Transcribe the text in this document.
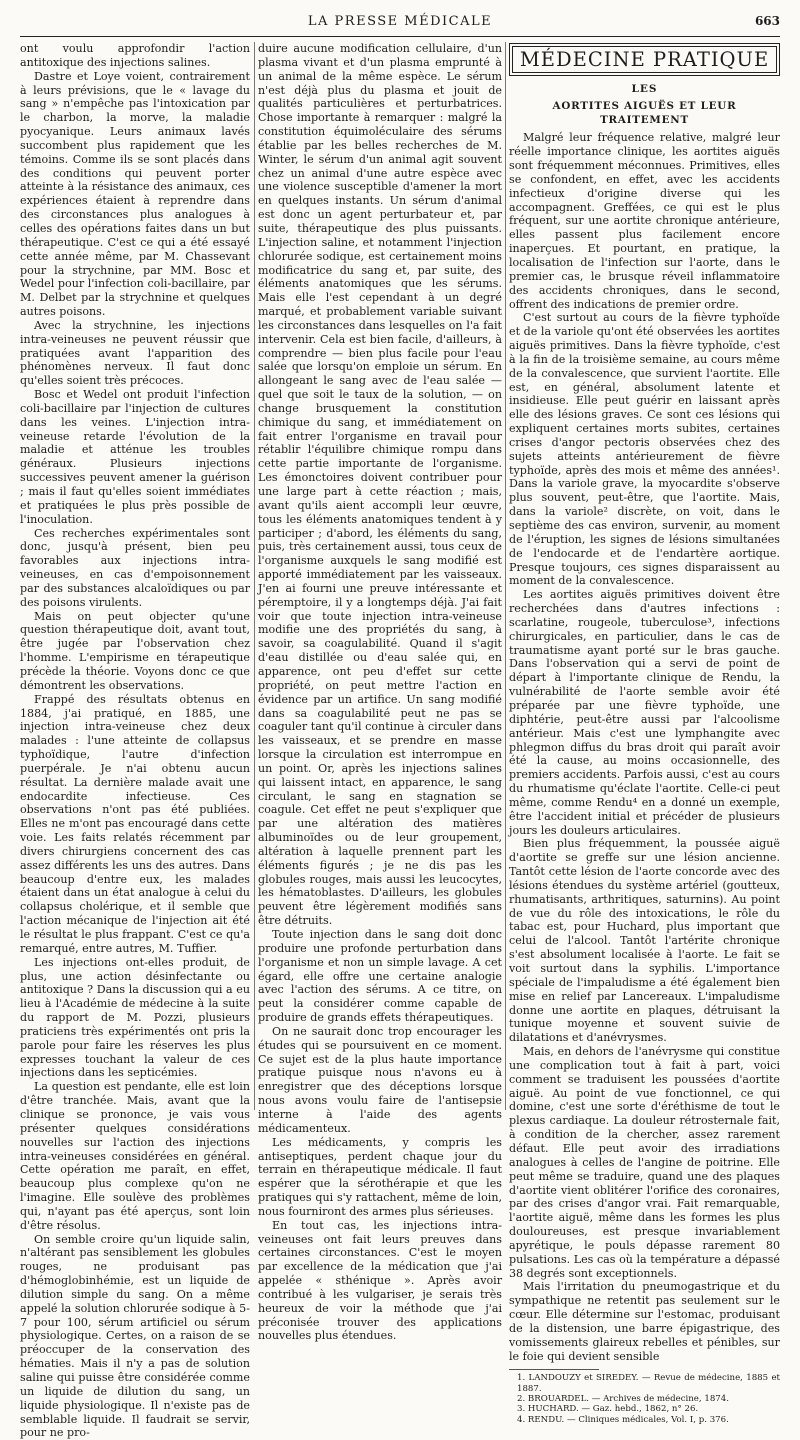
LA PRESSE MÉDICALE	663

ont voulu approfondir l'action antitoxique des injections salines.

Dastre et Loye voient, contrairement à leurs prévisions, que le « lavage du sang » n'empêche pas l'intoxication par le charbon, la morve, la maladie pyocyanique. Leurs animaux lavés succombent plus rapidement que les témoins. Comme ils se sont placés dans des conditions qui peuvent porter atteinte à la résistance des animaux, ces expériences étaient à reprendre dans des circonstances plus analogues à celles des opérations faites dans un but thérapeutique. C'est ce qui a été essayé cette année même, par M. Chassevant pour la strychnine, par MM. Bosc et Wedel pour l'infection coli-bacillaire, par M. Delbet par la strychnine et quelques autres poisons.

Avec la strychnine, les injections intra-veineuses ne peuvent réussir que pratiquées avant l'apparition des phénomènes nerveux. Il faut donc qu'elles soient très précoces.

Bosc et Wedel ont produit l'infection coli-bacillaire par l'injection de cultures dans les veines. L'injection intra-veineuse retarde l'évolution de la maladie et atténue les troubles généraux. Plusieurs injections successives peuvent amener la guérison ; mais il faut qu'elles soient immédiates et pratiquées le plus près possible de l'inoculation.

Ces recherches expérimentales sont donc, jusqu'à présent, bien peu favorables aux injections intra-veineuses, en cas d'empoisonnement par des substances alcaloïdiques ou par des poisons virulents.

Mais on peut objecter qu'une question thérapeutique doit, avant tout, être jugée par l'observation chez l'homme. L'empirisme en térapeutique précède la théorie. Voyons donc ce que démontrent les observations.

Frappé des résultats obtenus en 1884, j'ai pratiqué, en 1885, une injection intra-veineuse chez deux malades : l'une atteinte de collapsus typhoïdique, l'autre d'infection puerpérale. Je n'ai obtenu aucun résultat. La dernière malade avait une endocardite infectieuse. Ces observations n'ont pas été publiées. Elles ne m'ont pas encouragé dans cette voie. Les faits relatés récemment par divers chirurgiens concernent des cas assez différents les uns des autres. Dans beaucoup d'entre eux, les malades étaient dans un état analogue à celui du collapsus cholérique, et il semble que l'action mécanique de l'injection ait été le résultat le plus frappant. C'est ce qu'a remarqué, entre autres, M. Tuffier.

Les injections ont-elles produit, de plus, une action désinfectante ou antitoxique ? Dans la discussion qui a eu lieu à l'Académie de médecine à la suite du rapport de M. Pozzi, plusieurs praticiens très expérimentés ont pris la parole pour faire les réserves les plus expresses touchant la valeur de ces injections dans les septicémies.

La question est pendante, elle est loin d'être tranchée. Mais, avant que la clinique se prononce, je vais vous présenter quelques considérations nouvelles sur l'action des injections intra-veineuses considérées en général. Cette opération me paraît, en effet, beaucoup plus complexe qu'on ne l'imagine. Elle soulève des problèmes qui, n'ayant pas été aperçus, sont loin d'être résolus.

On semble croire qu'un liquide salin, n'altérant pas sensiblement les globules rouges, ne produisant pas d'hémoglobinhémie, est un liquide de dilution simple du sang. On a même appelé la solution chlorurée sodique à 5-7 pour 100, sérum artificiel ou sérum physiologique. Certes, on a raison de se préoccuper de la conservation des hématies. Mais il n'y a pas de solution saline qui puisse être considérée comme un liquide de dilution du sang, un liquide physiologique. Il n'existe pas de semblable liquide. Il faudrait se servir, pour ne pro-

duire aucune modification cellulaire, d'un plasma vivant et d'un plasma emprunté à un animal de la même espèce. Le sérum n'est déjà plus du plasma et jouit de qualités particulières et perturbatrices. Chose importante à remarquer : malgré la constitution équimoléculaire des sérums établie par les belles recherches de M. Winter, le sérum d'un animal agit souvent chez un animal d'une autre espèce avec une violence susceptible d'amener la mort en quelques instants. Un sérum d'animal est donc un agent perturbateur et, par suite, thérapeutique des plus puissants. L'injection saline, et notamment l'injection chlorurée sodique, est certainement moins modificatrice du sang et, par suite, des éléments anatomiques que les sérums. Mais elle l'est cependant à un degré marqué, et probablement variable suivant les circonstances dans lesquelles on l'a fait intervenir. Cela est bien facile, d'ailleurs, à comprendre — bien plus facile pour l'eau salée que lorsqu'on emploie un sérum. En allongeant le sang avec de l'eau salée — quel que soit le taux de la solution, — on change brusquement la constitution chimique du sang, et immédiatement on fait entrer l'organisme en travail pour rétablir l'équilibre chimique rompu dans cette partie importante de l'organisme. Les émonctoires doivent contribuer pour une large part à cette réaction ; mais, avant qu'ils aient accompli leur œuvre, tous les éléments anatomiques tendent à y participer ; d'abord, les éléments du sang, puis, très certainement aussi, tous ceux de l'organisme auxquels le sang modifié est apporté immédiatement par les vaisseaux. J'en ai fourni une preuve intéressante et péremptoire, il y a longtemps déjà. J'ai fait voir que toute injection intra-veineuse modifie une des propriétés du sang, à savoir, sa coagulabilité. Quand il s'agit d'eau distillée ou d'eau salée qui, en apparence, ont peu d'effet sur cette propriété, on peut mettre l'action en évidence par un artifice. Un sang modifié dans sa coagulabilité peut ne pas se coaguler tant qu'il continue à circuler dans les vaisseaux, et se prendre en masse lorsque la circulation est interrompue en un point. Or, après les injections salines qui laissent intact, en apparence, le sang circulant, le sang en stagnation se coagule. Cet effet ne peut s'expliquer que par une altération des matières albuminoïdes ou de leur groupement, altération à laquelle prennent part les éléments figurés ; je ne dis pas les globules rouges, mais aussi les leucocytes, les hématoblastes. D'ailleurs, les globules peuvent être légèrement modifiés sans être détruits.

Toute injection dans le sang doit donc produire une profonde perturbation dans l'organisme et non un simple lavage. A cet égard, elle offre une certaine analogie avec l'action des sérums. A ce titre, on peut la considérer comme capable de produire de grands effets thérapeutiques.

On ne saurait donc trop encourager les études qui se poursuivent en ce moment. Ce sujet est de la plus haute importance pratique puisque nous n'avons eu à enregistrer que des déceptions lorsque nous avons voulu faire de l'antisepsie interne à l'aide des agents médicamenteux.

Les médicaments, y compris les antiseptiques, perdent chaque jour du terrain en thérapeutique médicale. Il faut espérer que la sérothérapie et que les pratiques qui s'y rattachent, même de loin, nous fourniront des armes plus sérieuses.

En tout cas, les injections intra-veineuses ont fait leurs preuves dans certaines circonstances. C'est le moyen par excellence de la médication que j'ai appelée « sthénique ». Après avoir contribué à les vulgariser, je serais très heureux de voir la méthode que j'ai préconisée trouver des applications nouvelles plus étendues.

MÉDECINE PRATIQUE
LES
AORTITES AIGUËS ET LEUR TRAITEMENT

Malgré leur fréquence relative, malgré leur réelle importance clinique, les aortites aiguës sont fréquemment méconnues. Primitives, elles se confondent, en effet, avec les accidents infectieux d'origine diverse qui les accompagnent. Greffées, ce qui est le plus fréquent, sur une aortite chronique antérieure, elles passent plus facilement encore inaperçues. Et pourtant, en pratique, la localisation de l'infection sur l'aorte, dans le premier cas, le brusque réveil inflammatoire des accidents chroniques, dans le second, offrent des indications de premier ordre.

C'est surtout au cours de la fièvre typhoïde et de la variole qu'ont été observées les aortites aiguës primitives. Dans la fièvre typhoïde, c'est à la fin de la troisième semaine, au cours même de la convalescence, que survient l'aortite. Elle est, en général, absolument latente et insidieuse. Elle peut guérir en laissant après elle des lésions graves. Ce sont ces lésions qui expliquent certaines morts subites, certaines crises d'angor pectoris observées chez des sujets atteints antérieurement de fièvre typhoïde, après des mois et même des années¹. Dans la variole grave, la myocardite s'observe plus souvent, peut-être, que l'aortite. Mais, dans la variole² discrète, on voit, dans le septième des cas environ, survenir, au moment de l'éruption, les signes de lésions simultanées de l'endocarde et de l'endartère aortique. Presque toujours, ces signes disparaissent au moment de la convalescence.

Les aortites aiguës primitives doivent être recherchées dans d'autres infections : scarlatine, rougeole, tuberculose³, infections chirurgicales, en particulier, dans le cas de traumatisme ayant porté sur le bras gauche. Dans l'observation qui a servi de point de départ à l'importante clinique de Rendu, la vulnérabilité de l'aorte semble avoir été préparée par une fièvre typhoïde, une diphtérie, peut-être aussi par l'alcoolisme antérieur. Mais c'est une lymphangite avec phlegmon diffus du bras droit qui paraît avoir été la cause, au moins occasionnelle, des premiers accidents. Parfois aussi, c'est au cours du rhumatisme qu'éclate l'aortite. Celle-ci peut même, comme Rendu⁴ en a donné un exemple, être l'accident initial et précéder de plusieurs jours les douleurs articulaires.

Bien plus fréquemment, la poussée aiguë d'aortite se greffe sur une lésion ancienne. Tantôt cette lésion de l'aorte concorde avec des lésions étendues du système artériel (goutteux, rhumatisants, arthritiques, saturnins). Au point de vue du rôle des intoxications, le rôle du tabac est, pour Huchard, plus important que celui de l'alcool. Tantôt l'artérite chronique s'est absolument localisée à l'aorte. Le fait se voit surtout dans la syphilis. L'importance spéciale de l'impaludisme a été également bien mise en relief par Lancereaux. L'impaludisme donne une aortite en plaques, détruisant la tunique moyenne et souvent suivie de dilatations et d'anévrysmes.

Mais, en dehors de l'anévrysme qui constitue une complication tout à fait à part, voici comment se traduisent les poussées d'aortite aiguë. Au point de vue fonctionnel, ce qui domine, c'est une sorte d'éréthisme de tout le plexus cardiaque. La douleur rétrosternale fait, à condition de la chercher, assez rarement défaut. Elle peut avoir des irradiations analogues à celles de l'angine de poitrine. Elle peut même se traduire, quand une des plaques d'aortite vient oblitérer l'orifice des coronaires, par des crises d'angor vrai. Fait remarquable, l'aortite aiguë, même dans les formes les plus douloureuses, est presque invariablement apyrétique, le pouls dépasse rarement 80 pulsations. Les cas où la température a dépassé 38 degrés sont exceptionnels.

Mais l'irritation du pneumogastrique et du sympathique ne retentit pas seulement sur le cœur. Elle détermine sur l'estomac, produisant de la distension, une barre épigastrique, des vomissements glaireux rebelles et pénibles, sur le foie qui devient sensible

1. LANDOUZY et SIREDEY. — Revue de médecine, 1885 et 1887.
2. BROUARDEL. — Archives de médecine, 1874.
3. HUCHARD. — Gaz. hebd., 1862, n° 26.
4. RENDU. — Cliniques médicales, Vol. I, p. 376.
